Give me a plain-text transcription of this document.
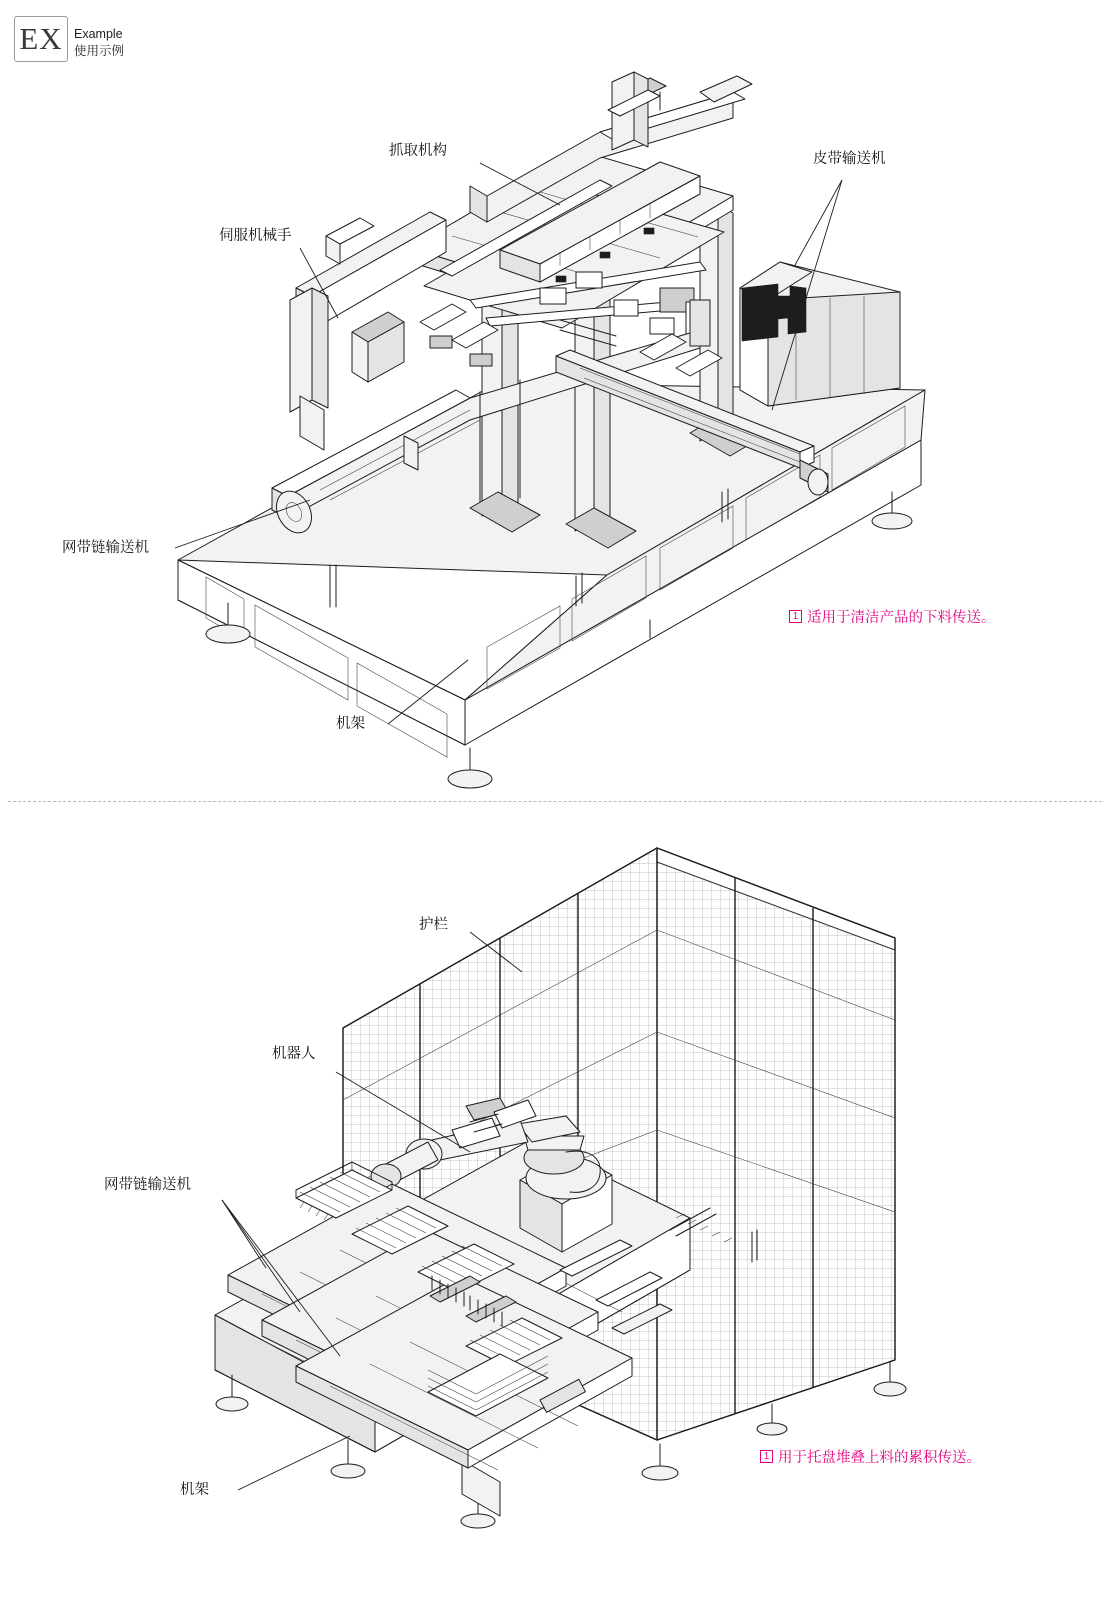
EX Example
使用示例
抓取机构	皮带输送机
伺服机械手
网带链输送机
机架
1 适用于清洁产品的下料传送。
护栏
机器人
网带链输送机
机架
1 用于托盘堆叠上料的累积传送。
